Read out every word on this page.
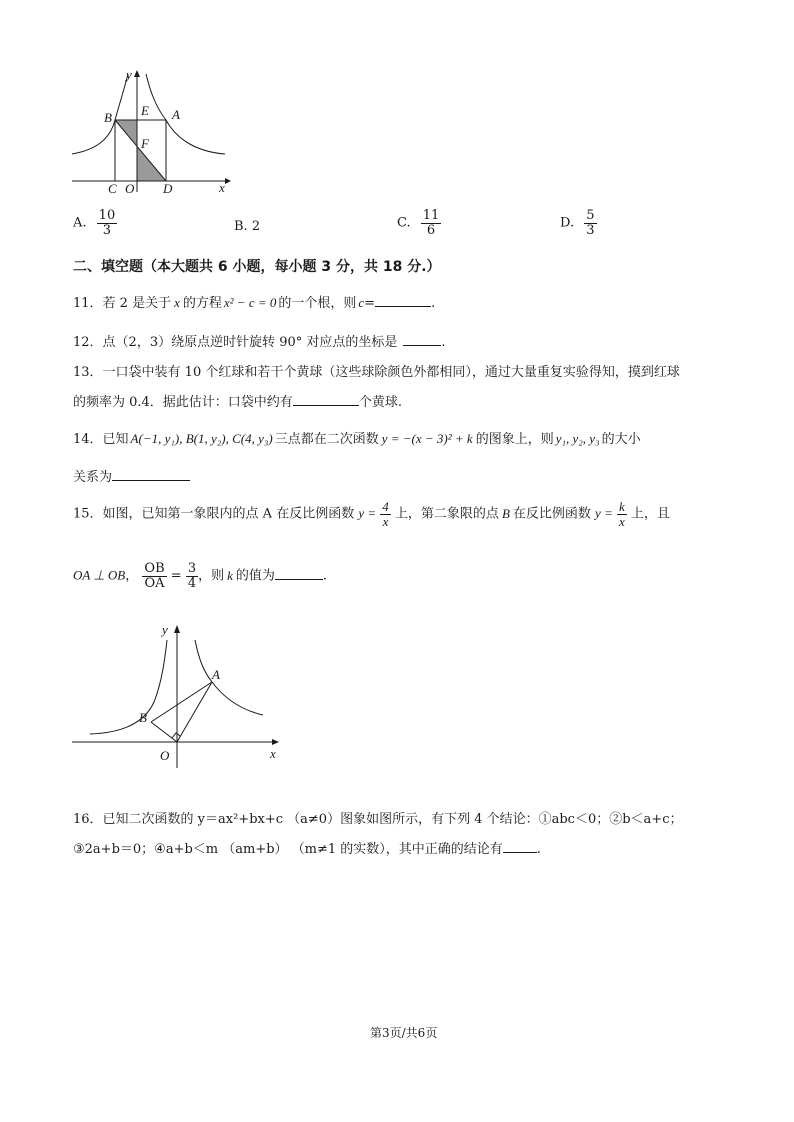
y
x
B E A
F
C O D
A. $\frac{10}{3}$	B. 2	C. $\frac{11}{6}$	D. $\frac{5}{3}$
二、填空题（本大题共 6 小题，每小题 3 分，共 18 分.）
11．若 2 是关于 x 的方程 x² − c = 0 的一个根，则 c=	.
12．点（2，3）绕原点逆时针旋转 90° 对应点的坐标是	.
13．一口袋中装有 10 个红球和若干个黄球（这些球除颜色外都相同），通过大量重复实验得知，摸到红球
的频率为 0.4．据此估计：口袋中约有	个黄球.
14．已知 A(−1, y₁), B(1, y₂), C(4, y₃) 三点都在二次函数 y = −(x − 3)² + k 的图象上，则 y₁, y₂, y₃ 的大小
关系为
15．如图，已知第一象限内的点 A 在反比例函数 $y = \frac{4}{x}$ 上，第二象限的点 B 在反比例函数 $y = \frac{k}{x}$ 上，且
OA ⊥ OB， $\frac{OB}{OA} = \frac{3}{4}$ ，则 k 的值为	.
y
x
A
B
O
16．已知二次函数的 y＝ax²+bx+c （a≠0）图象如图所示，有下列 4 个结论：①abc＜0；②b＜a+c；
③2a+b＝0；④a+b＜m （am+b） （m≠1 的实数），其中正确的结论有	.
第3页/共6页
